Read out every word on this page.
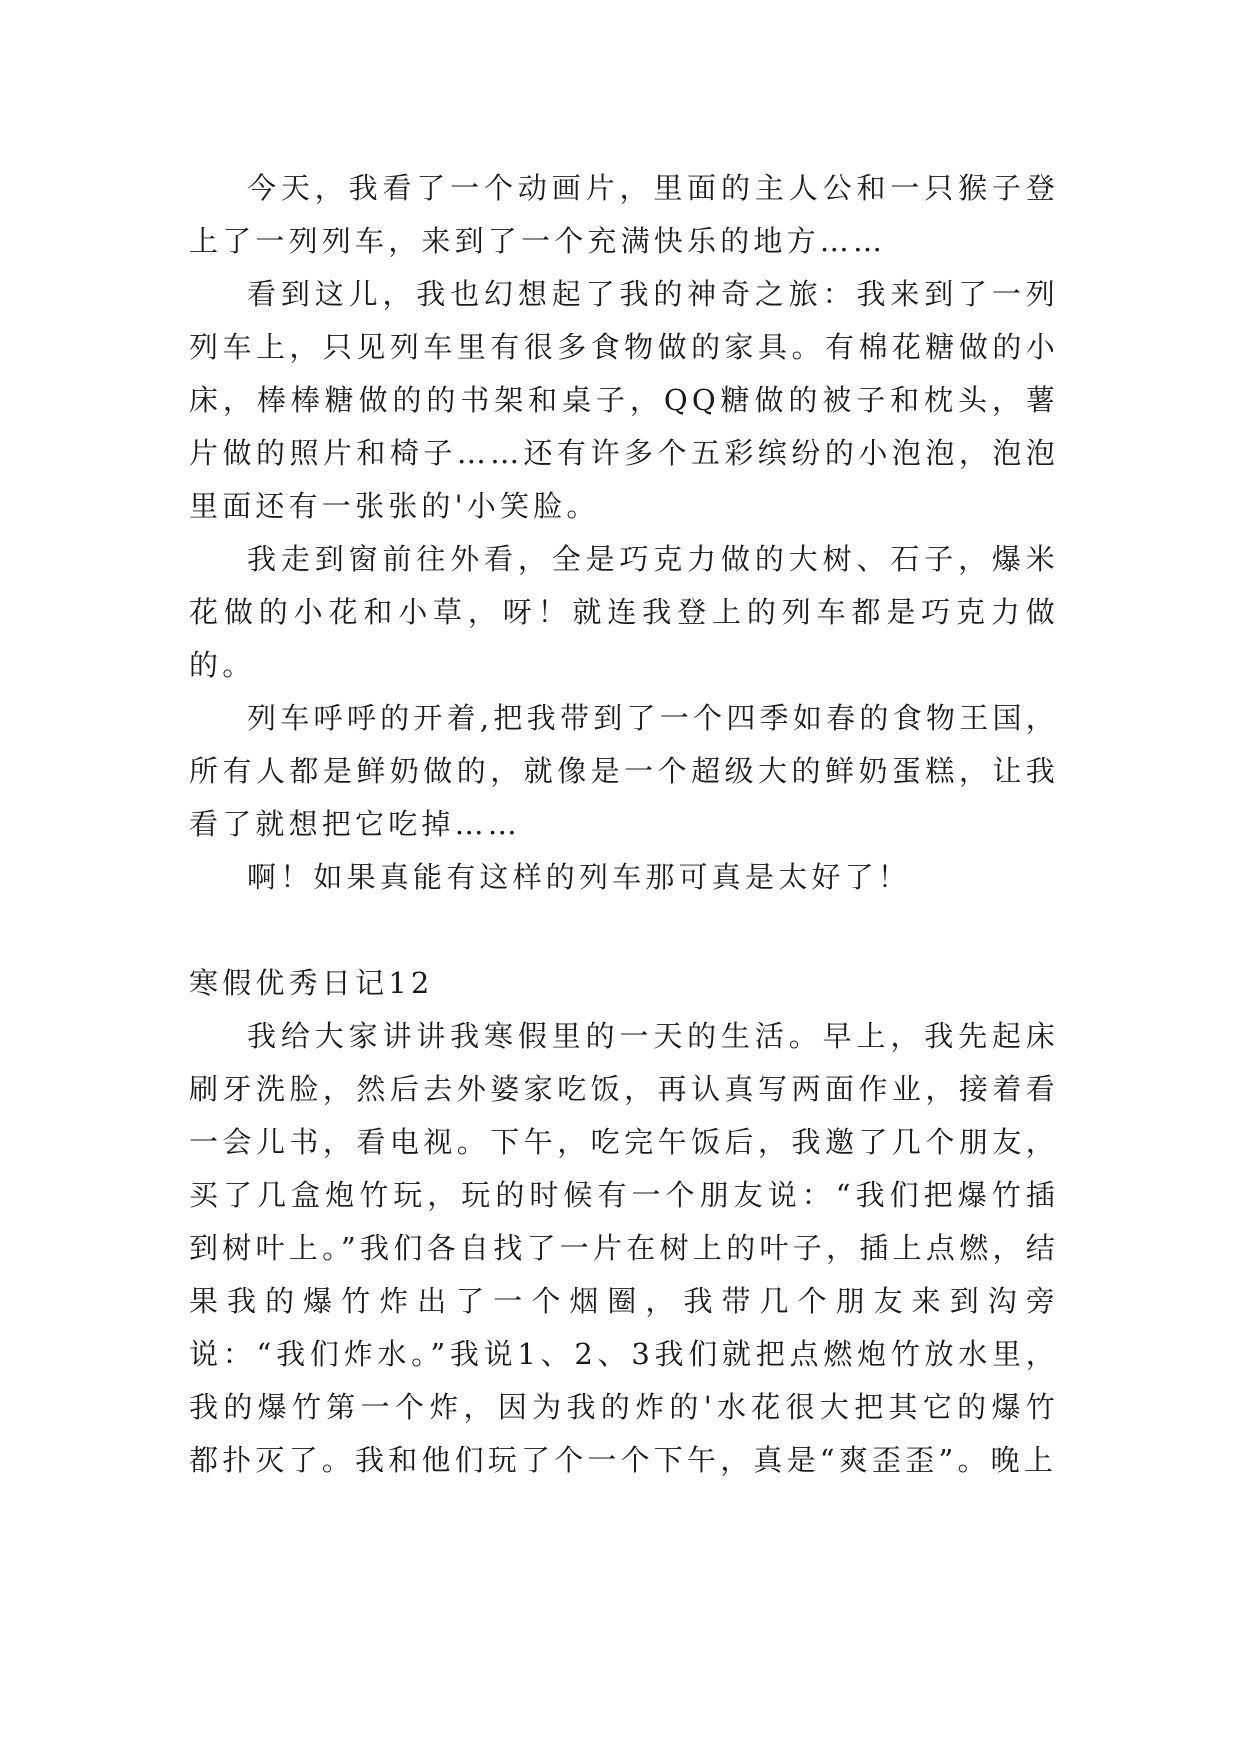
今天，我看了一个动画片，里面的主人公和一只猴子登上了一列列车，来到了一个充满快乐的地方……

看到这儿，我也幻想起了我的神奇之旅：我来到了一列列车上，只见列车里有很多食物做的家具。有棉花糖做的小床，棒棒糖做的的书架和桌子，QQ糖做的被子和枕头，薯片做的照片和椅子……还有许多个五彩缤纷的小泡泡，泡泡里面还有一张张的'小笑脸。

我走到窗前往外看，全是巧克力做的大树、石子，爆米花做的小花和小草，呀！就连我登上的列车都是巧克力做的。

列车呼呼的开着,把我带到了一个四季如春的食物王国，所有人都是鲜奶做的，就像是一个超级大的鲜奶蛋糕，让我看了就想把它吃掉……

啊！如果真能有这样的列车那可真是太好了！

寒假优秀日记12

我给大家讲讲我寒假里的一天的生活。早上，我先起床刷牙洗脸，然后去外婆家吃饭，再认真写两面作业，接着看一会儿书，看电视。下午，吃完午饭后，我邀了几个朋友，买了几盒炮竹玩，玩的时候有一个朋友说：“我们把爆竹插到树叶上。”我们各自找了一片在树上的叶子，插上点燃，结果我的爆竹炸出了一个烟圈，我带几个朋友来到沟旁说：“我们炸水。”我说1、2、3我们就把点燃炮竹放水里，我的爆竹第一个炸，因为我的炸的'水花很大把其它的爆竹都扑灭了。我和他们玩了个一个下午，真是“爽歪歪”。晚上
